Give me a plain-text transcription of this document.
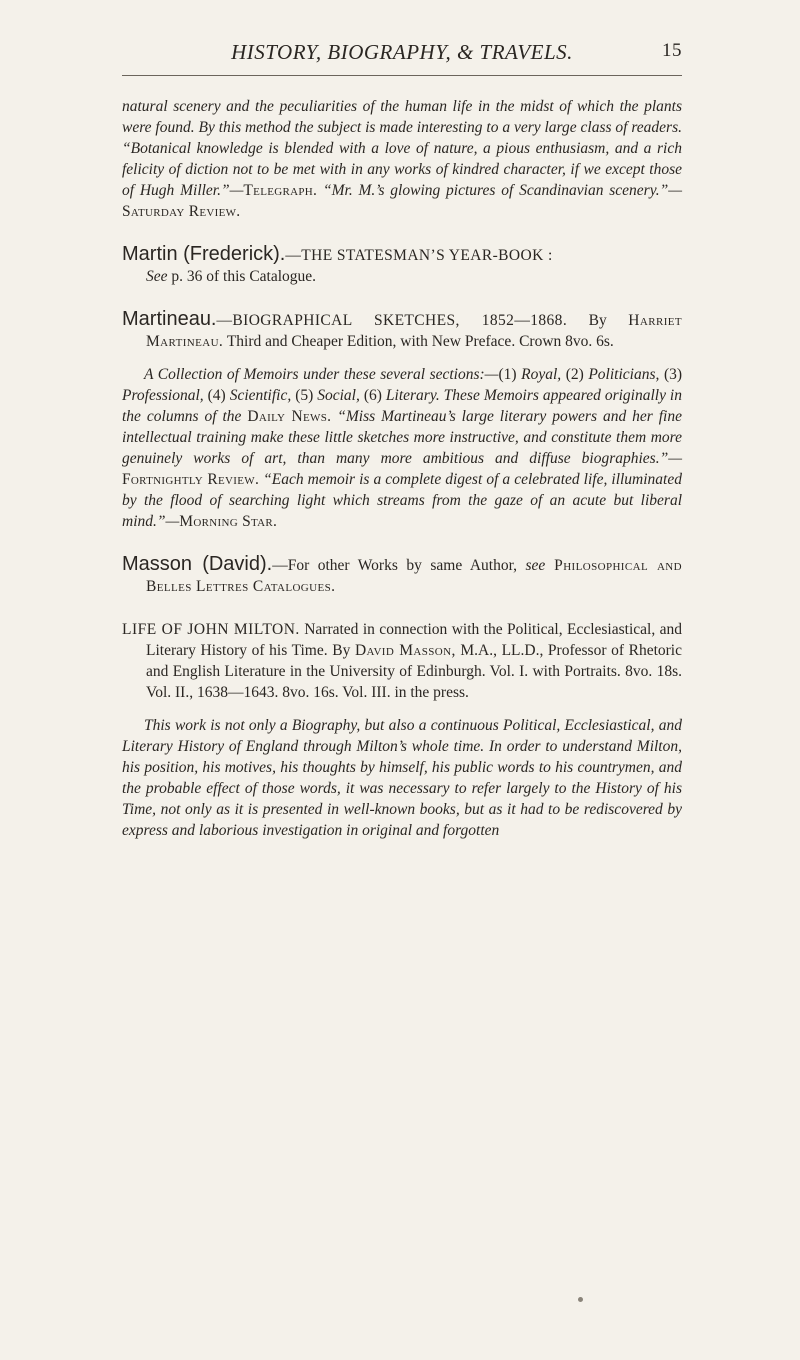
HISTORY, BIOGRAPHY, & TRAVELS.	15

natural scenery and the peculiarities of the human life in the midst of which the plants were found. By this method the subject is made interesting to a very large class of readers. “Botanical knowledge is blended with a love of nature, a pious enthusiasm, and a rich felicity of diction not to be met with in any works of kindred character, if we except those of Hugh Miller.”—Telegraph. “Mr. M.’s glowing pictures of Scandinavian scenery.”—Saturday Review.

Martin (Frederick).—THE STATESMAN’S YEAR-BOOK :
See p. 36 of this Catalogue.

Martineau.—BIOGRAPHICAL SKETCHES, 1852—1868. By Harriet Martineau. Third and Cheaper Edition, with New Preface. Crown 8vo. 6s.

A Collection of Memoirs under these several sections:—(1) Royal, (2) Politicians, (3) Professional, (4) Scientific, (5) Social, (6) Literary. These Memoirs appeared originally in the columns of the Daily News. “Miss Martineau’s large literary powers and her fine intellectual training make these little sketches more instructive, and constitute them more genuinely works of art, than many more ambitious and diffuse biographies.”—Fortnightly Review. “Each memoir is a complete digest of a celebrated life, illuminated by the flood of searching light which streams from the gaze of an acute but liberal mind.”—Morning Star.

Masson (David).—For other Works by same Author, see Philosophical and Belles Lettres Catalogues.

LIFE OF JOHN MILTON. Narrated in connection with the Political, Ecclesiastical, and Literary History of his Time. By David Masson, M.A., LL.D., Professor of Rhetoric and English Literature in the University of Edinburgh. Vol. I. with Portraits. 8vo. 18s. Vol. II., 1638—1643. 8vo. 16s. Vol. III. in the press.

This work is not only a Biography, but also a continuous Political, Ecclesiastical, and Literary History of England through Milton’s whole time. In order to understand Milton, his position, his motives, his thoughts by himself, his public words to his countrymen, and the probable effect of those words, it was necessary to refer largely to the History of his Time, not only as it is presented in well-known books, but as it had to be rediscovered by express and laborious investigation in original and forgotten
